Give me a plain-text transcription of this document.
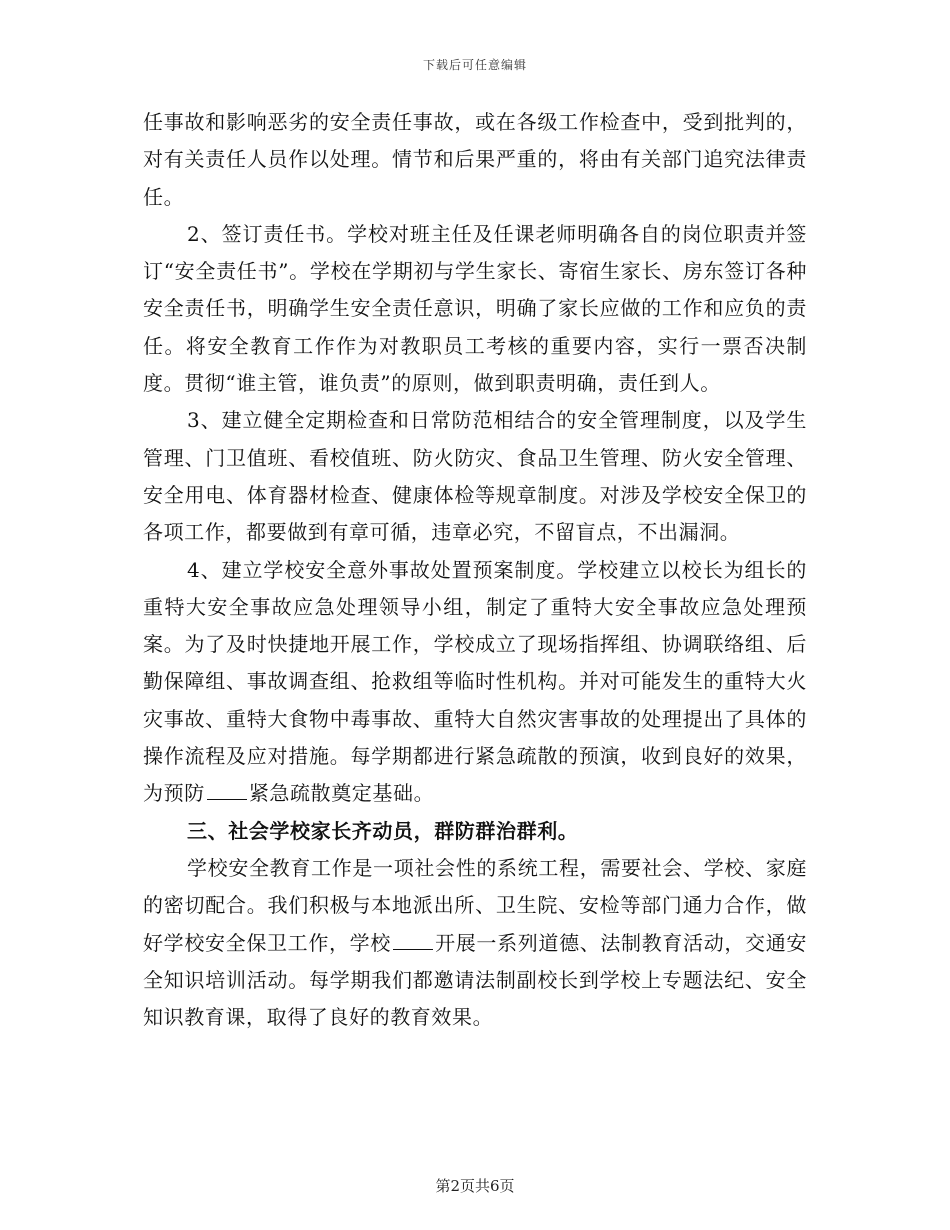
下载后可任意编辑

任事故和影响恶劣的安全责任事故，或在各级工作检查中，受到批判的，对有关责任人员作以处理。情节和后果严重的，将由有关部门追究法律责任。

2、签订责任书。学校对班主任及任课老师明确各自的岗位职责并签订“安全责任书”。学校在学期初与学生家长、寄宿生家长、房东签订各种安全责任书，明确学生安全责任意识，明确了家长应做的工作和应负的责任。将安全教育工作作为对教职员工考核的重要内容，实行一票否决制度。贯彻“谁主管，谁负责”的原则，做到职责明确，责任到人。

3、建立健全定期检查和日常防范相结合的安全管理制度，以及学生管理、门卫值班、看校值班、防火防灾、食品卫生管理、防火安全管理、安全用电、体育器材检查、健康体检等规章制度。对涉及学校安全保卫的各项工作，都要做到有章可循，违章必究，不留盲点，不出漏洞。

4、建立学校安全意外事故处置预案制度。学校建立以校长为组长的重特大安全事故应急处理领导小组，制定了重特大安全事故应急处理预案。为了及时快捷地开展工作，学校成立了现场指挥组、协调联络组、后勤保障组、事故调查组、抢救组等临时性机构。并对可能发生的重特大火灾事故、重特大食物中毒事故、重特大自然灾害事故的处理提出了具体的操作流程及应对措施。每学期都进行紧急疏散的预演，收到良好的效果，为预防 紧急疏散奠定基础。

三、社会学校家长齐动员，群防群治群利。

学校安全教育工作是一项社会性的系统工程，需要社会、学校、家庭的密切配合。我们积极与本地派出所、卫生院、安检等部门通力合作，做好学校安全保卫工作，学校 开展一系列道德、法制教育活动，交通安全知识培训活动。每学期我们都邀请法制副校长到学校上专题法纪、安全知识教育课，取得了良好的教育效果。

第2页共6页
